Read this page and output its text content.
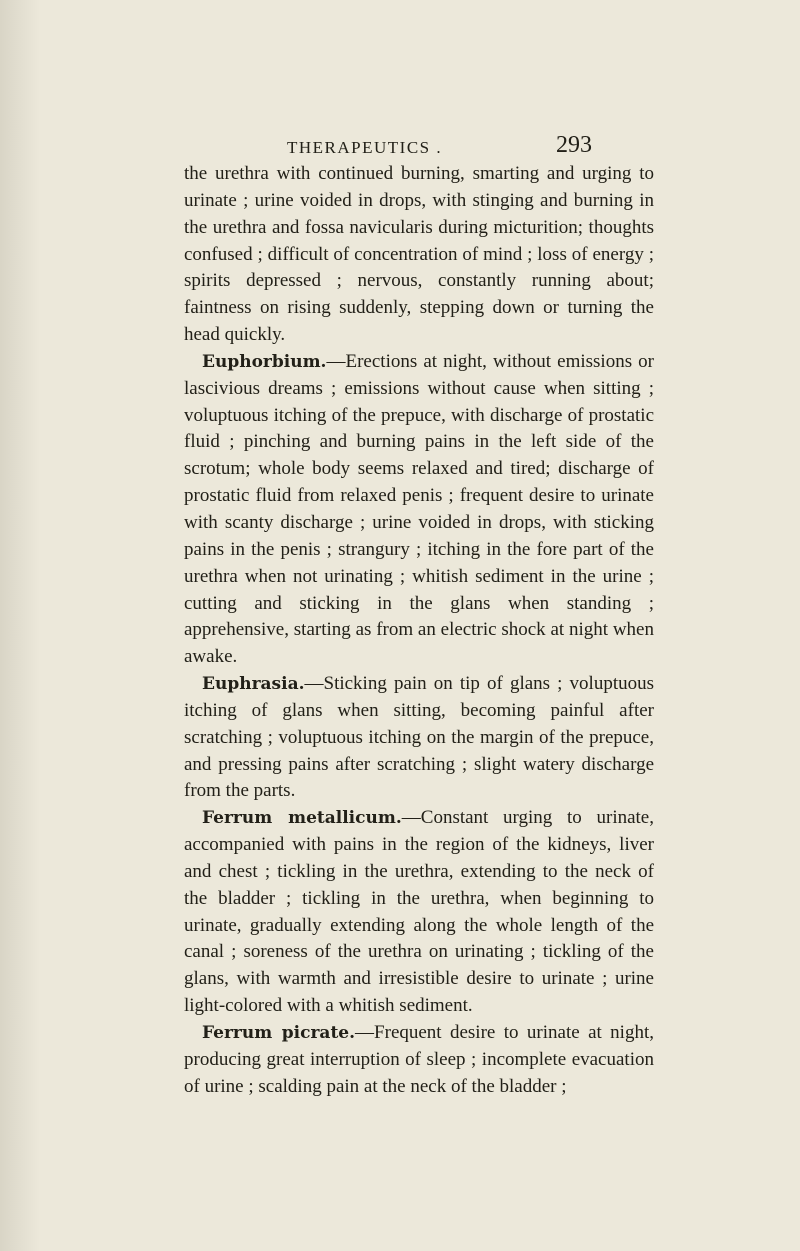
THERAPEUTICS .	293

the urethra with continued burning, smarting and urging to urinate ; urine voided in drops, with stinging and burning in the urethra and fossa navicularis during micturition; thoughts confused ; difficult of concentration of mind ; loss of energy ; spirits depressed ; nervous, constantly running about; faintness on rising suddenly, stepping down or turning the head quickly.

Euphorbium.—Erections at night, without emissions or lascivious dreams ; emissions without cause when sitting ; voluptuous itching of the prepuce, with discharge of prostatic fluid ; pinching and burning pains in the left side of the scrotum; whole body seems relaxed and tired; discharge of prostatic fluid from relaxed penis ; frequent desire to urinate with scanty discharge ; urine voided in drops, with sticking pains in the penis ; strangury ; itching in the fore part of the urethra when not urinating ; whitish sediment in the urine ; cutting and sticking in the glans when standing ; apprehensive, starting as from an electric shock at night when awake.

Euphrasia.—Sticking pain on tip of glans ; voluptuous itching of glans when sitting, becoming painful after scratching ; voluptuous itching on the margin of the prepuce, and pressing pains after scratching ; slight watery discharge from the parts.

Ferrum metallicum.—Constant urging to urinate, accompanied with pains in the region of the kidneys, liver and chest ; tickling in the urethra, extending to the neck of the bladder ; tickling in the urethra, when beginning to urinate, gradually extending along the whole length of the canal ; soreness of the urethra on urinating ; tickling of the glans, with warmth and irresistible desire to urinate ; urine light-colored with a whitish sediment.

Ferrum picrate.—Frequent desire to urinate at night, producing great interruption of sleep ; incomplete evacuation of urine ; scalding pain at the neck of the bladder ;
